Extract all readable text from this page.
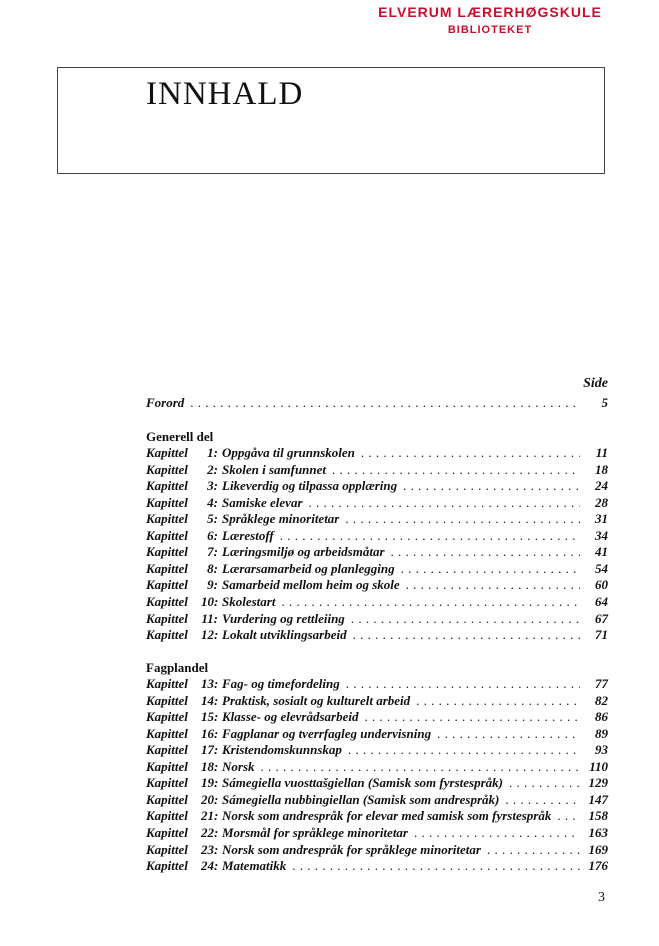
ELVERUM LÆRERHØGSKULE
BIBLIOTEKET
INNHALD
Side
Forord . . .	5
Generell del
Kapittel 1: Oppgåva til grunnskolen . . .	11
Kapittel 2: Skolen i samfunnet . . .	18
Kapittel 3: Likeverdig og tilpassa opplæring . . .	24
Kapittel 4: Samiske elevar . . .	28
Kapittel 5: Språklege minoritetar . . .	31
Kapittel 6: Lærestoff . . .	34
Kapittel 7: Læringsmiljø og arbeidsmåtar . . .	41
Kapittel 8: Lærarsamarbeid og planlegging . . .	54
Kapittel 9: Samarbeid mellom heim og skole . . .	60
Kapittel 10: Skolestart . . .	64
Kapittel 11: Vurdering og rettleiing . . .	67
Kapittel 12: Lokalt utviklingsarbeid . . .	71
Fagplandel
Kapittel 13: Fag- og timefordeling . . .	77
Kapittel 14: Praktisk, sosialt og kulturelt arbeid . . .	82
Kapittel 15: Klasse- og elevrådsarbeid . . .	86
Kapittel 16: Fagplanar og tverrfagleg undervisning . . .	89
Kapittel 17: Kristendomskunnskap . . .	93
Kapittel 18: Norsk . . .	110
Kapittel 19: Sámegiella vuosttašgiellan (Samisk som fyrstespråk) . . .	129
Kapittel 20: Sámegiella nubbingiellan (Samisk som andrespråk) . . .	147
Kapittel 21: Norsk som andrespråk for elevar med samisk som fyrstespråk . . .	158
Kapittel 22: Morsmål for språklege minoritetar . . .	163
Kapittel 23: Norsk som andrespråk for språklege minoritetar . . .	169
Kapittel 24: Matematikk . . .	176
3
